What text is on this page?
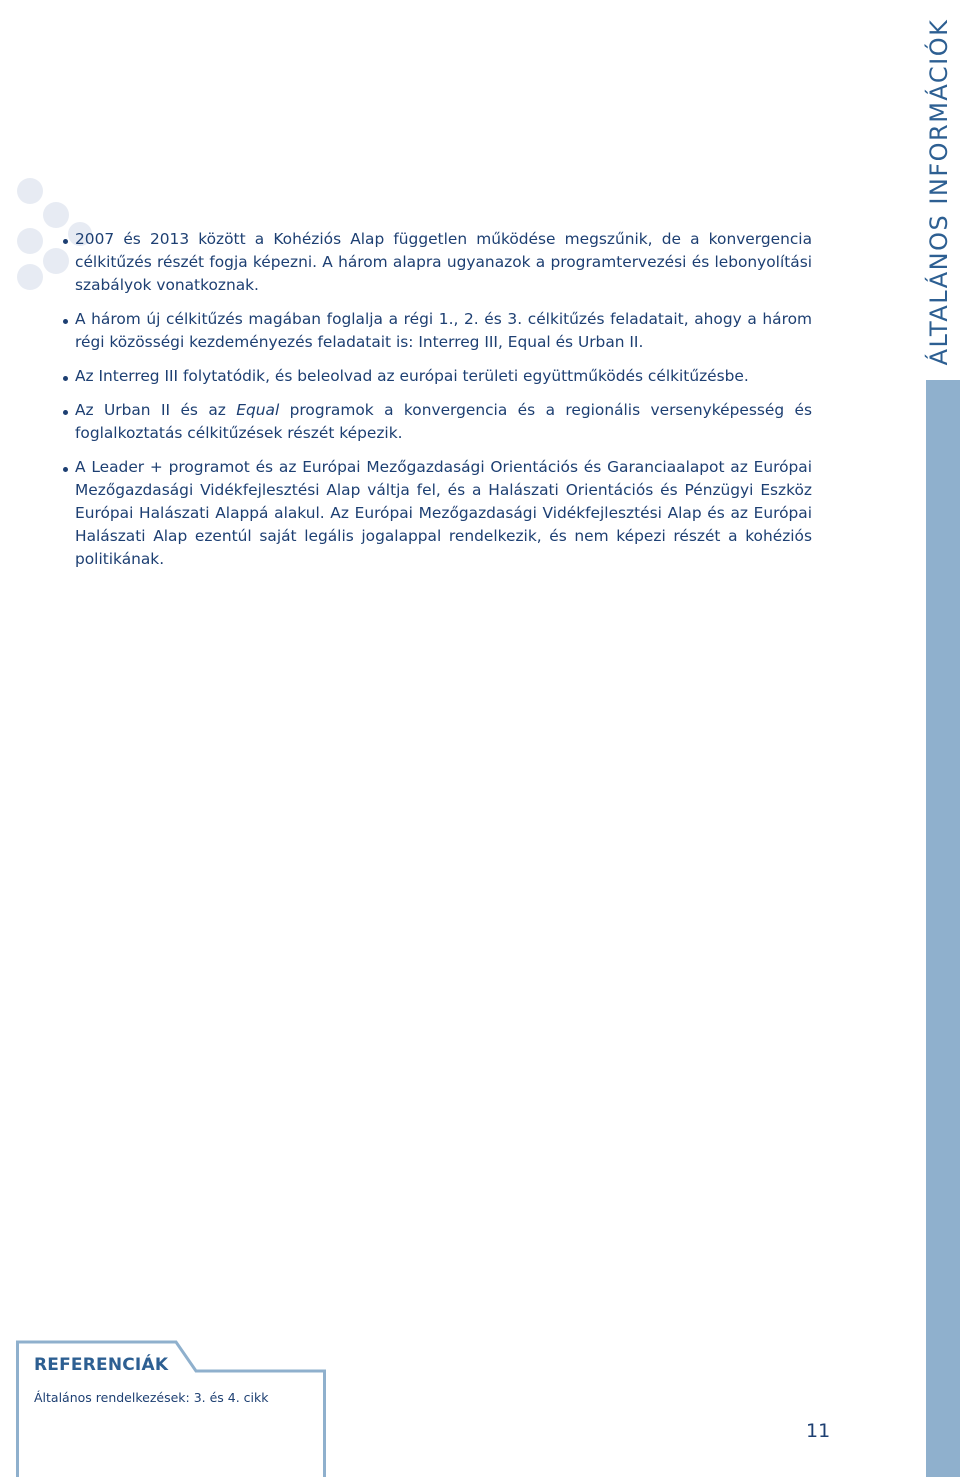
2007 és 2013 között a Kohéziós Alap független működése megszűnik, de a konvergencia célkitűzés részét fogja képezni. A három alapra ugyanazok a programtervezési és lebonyolítási szabályok vonatkoznak.
A három új célkitűzés magában foglalja a régi 1., 2. és 3. célkitűzés feladatait, ahogy a három régi közösségi kezdeményezés feladatait is: Interreg III, Equal és Urban II.
Az Interreg III folytatódik, és beleolvad az európai területi együttműködés célkitűzésbe.
Az Urban II és az Equal programok a konvergencia és a regionális versenyképesség és foglalkoztatás célkitűzések részét képezik.
A Leader + programot és az Európai Mezőgazdasági Orientációs és Garanciaalapot az Európai Mezőgazdasági Vidékfejlesztési Alap váltja fel, és a Halászati Orientációs és Pénzügyi Eszköz Európai Halászati Alappá alakul. Az Európai Mezőgazdasági Vidékfejlesztési Alap és az Európai Halászati Alap ezentúl saját legális jogalappal rendelkezik, és nem képezi részét a kohéziós politikának.
ÁLTALÁNOS INFORMÁCIÓK
REFERENCIÁK
Általános rendelkezések: 3. és 4. cikk
11
